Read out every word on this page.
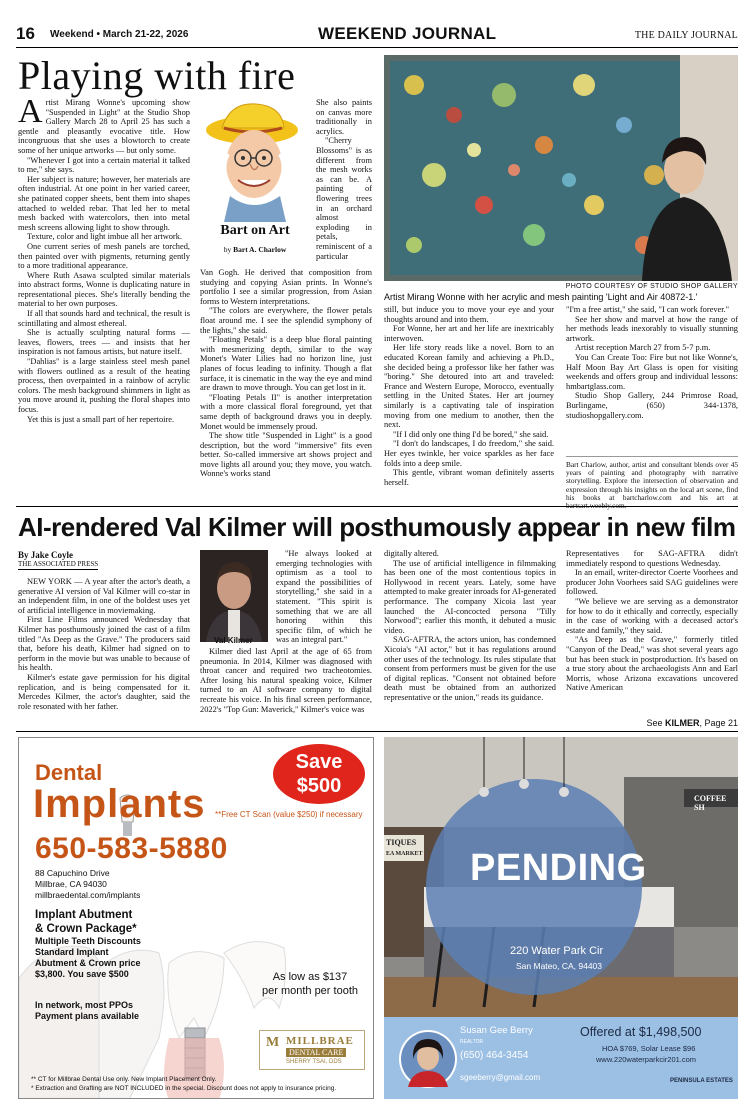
16 Weekend • March 21-22, 2026	WEEKEND JOURNAL	THE DAILY JOURNAL
Playing with fire

Artist Mirang Wonne's upcoming show "Suspended in Light" at the Studio Shop Gallery March 28 to April 25 has such a gentle and pleasantly evocative title. How incongruous that she uses a blowtorch to create some of her unique artworks — but only some.

"Whenever I got into a certain material it talked to me," she says.

Her subject is nature; however, her materials are often industrial. At one point in her varied career, she patinated copper sheets, bent them into shapes attached to welded rebar. That led her to metal mesh backed with watercolors, then into metal mesh screens allowing light to show through.

Texture, color and light imbue all her artwork.

One current series of mesh panels are torched, then painted over with pigments, returning gently to a more traditional appearance.

Where Ruth Asawa sculpted similar materials into abstract forms, Wonne is duplicating nature in representational pieces. She's literally bending the material to her own purposes.

If all that sounds hard and technical, the result is scintillating and almost ethereal.

She is actually sculpting natural forms — leaves, flowers, trees — and insists that her inspiration is not famous artists, but nature itself.

"Dahlias" is a large stainless steel mesh panel with flowers outlined as a result of the heating process, then overpainted in a rainbow of acrylic colors. The mesh background shimmers in light as you move around it, pushing the floral shapes into focus.

Yet this is just a small part of her repertoire.

Bart on Art
by Bart A. Charlow

She also paints on canvas more traditionally in acrylics.

"Cherry Blossoms" is as different from the mesh works as can be. A painting of flowering trees in an orchard almost exploding in petals, reminiscent of a particular

Van Gogh. He derived that composition from studying and copying Asian prints. In Wonne's portfolio I see a similar progression, from Asian forms to Western interpretations.

"The colors are everywhere, the flower petals float around me. I see the splendid symphony of the lights," she said.

"Floating Petals" is a deep blue floral painting with mesmerizing depth, similar to the way Monet's Water Lilies had no horizon line, just planes of focus leading to infinity. Though a flat surface, it is cinematic in the way the eye and mind are drawn to move through. You can get lost in it.

"Floating Petals II" is another interpretation with a more classical floral foreground, yet that same depth of background draws you in deeply. Monet would be immensely proud.

The show title "Suspended in Light" is a good description, but the word "immersive" fits even better. So-called immersive art shows project and move lights all around you; they move, you watch. Wonne's works stand

PHOTO COURTESY OF STUDIO SHOP GALLERY
Artist Mirang Wonne with her acrylic and mesh painting 'Light and Air 40872-1.'

still, but induce you to move your eye and your thoughts around and into them.

For Wonne, her art and her life are inextricably interwoven.

Her life story reads like a novel. Born to an educated Korean family and achieving a Ph.D., she decided being a professor like her father was "boring." She detoured into art and traveled: France and Western Europe, Morocco, eventually settling in the United States. Her art journey similarly is a captivating tale of inspiration moving from one medium to another, then the next.

"If I did only one thing I'd be bored," she said.

"I don't do landscapes, I do freedom," she said. Her eyes twinkle, her voice sparkles as her face folds into a deep smile.

This gentle, vibrant woman definitely asserts herself.

"I'm a free artist," she said, "I can work forever."

See her show and marvel at how the range of her methods leads inexorably to visually stunning artwork.

Artist reception March 27 from 5-7 p.m.

You Can Create Too: Fire but not like Wonne's, Half Moon Bay Art Glass is open for visiting weekends and offers group and individual lessons: hmbartglass.com.

Studio Shop Gallery, 244 Primrose Road, Burlingame, (650) 344-1378, studioshopgallery.com.

Bart Charlow, author, artist and consultant blends over 45 years of painting and photography with narrative storytelling. Explore the intersection of observation and expression through his insights on the local art scene, find his books at bartcharlow.com and his art at bartsart.weebly.com.
AI-rendered Val Kilmer will posthumously appear in new film
By Jake Coyle
THE ASSOCIATED PRESS

NEW YORK — A year after the actor's death, a generative AI version of Val Kilmer will co-star in an independent film, in one of the boldest uses yet of artificial intelligence in moviemaking.

First Line Films announced Wednesday that Kilmer has posthumously joined the cast of a film titled "As Deep as the Grave." The producers said that, before his death, Kilmer had signed on to perform in the movie but was unable to because of his health.

Kilmer's estate gave permission for his digital replication, and is being compensated for it. Mercedes Kilmer, the actor's daughter, said the role resonated with her father.

Val Kilmer

"He always looked at emerging technologies with optimism as a tool to expand the possibilities of storytelling," she said in a statement. "This spirit is something that we are all honoring within this specific film, of which he was an integral part."

Kilmer died last April at the age of 65 from pneumonia. In 2014, Kilmer was diagnosed with throat cancer and required two tracheotomies. After losing his natural speaking voice, Kilmer turned to an AI software company to digital recreate his voice. In his final screen performance, 2022's "Top Gun: Maverick," Kilmer's voice was

digitally altered.

The use of artificial intelligence in filmmaking has been one of the most contentious topics in Hollywood in recent years. Lately, some have attempted to make greater inroads for AI-generated performance. The company Xicoia last year launched the AI-concocted persona "Tilly Norwood"; earlier this month, it debuted a music video.

SAG-AFTRA, the actors union, has condemned Xicoia's "AI actor," but it has regulations around other uses of the technology. Its rules stipulate that consent from performers must be given for the use of digital replicas. "Consent not obtained before death must be obtained from an authorized representative or the union," reads its guidance.

Representatives for SAG-AFTRA didn't immediately respond to questions Wednesday.

In an email, writer-director Coerte Voorhees and producer John Voorhees said SAG guidelines were followed.

"We believe we are serving as a demonstrator for how to do it ethically and correctly, especially in the case of working with a deceased actor's estate and family," they said.

"As Deep as the Grave," formerly titled "Canyon of the Dead," was shot several years ago but has been stuck in postproduction. It's based on a true story about the archaeologists Ann and Earl Morris, whose Arizona excavations uncovered Native American

See KILMER, Page 21
Dental
Implants
Save
$500
**Free CT Scan (value $250) if necessary
650-583-5880
88 Capuchino Drive
Millbrae, CA 94030
millbraedental.com/implants
Implant Abutment
& Crown Package*
Multiple Teeth Discounts
Standard Implant
Abutment & Crown price
$3,800. You save $500	As low as $137
per month per tooth
In network, most PPOs
Payment plans available
M MILLBRAE
DENTAL CARE
SHERRY TSAI, DDS
** CT for Millbrae Dental Use only. New Implant Placement Only.
* Extraction and Grafting are NOT INCLUDED in the special. Discount does not apply to insurance pricing.
COFFEE SH
TIQUES
EA MARKET PENDING
220 Water Park Cir
San Mateo, CA, 94403
Susan Gee Berry
REALTOR
(650) 464-3454
sgeeberry@gmail.com
Offered at $1,498,500
HOA $769, Solar Lease $96
www.220waterparkcir201.com
PENINSULA ESTATES
